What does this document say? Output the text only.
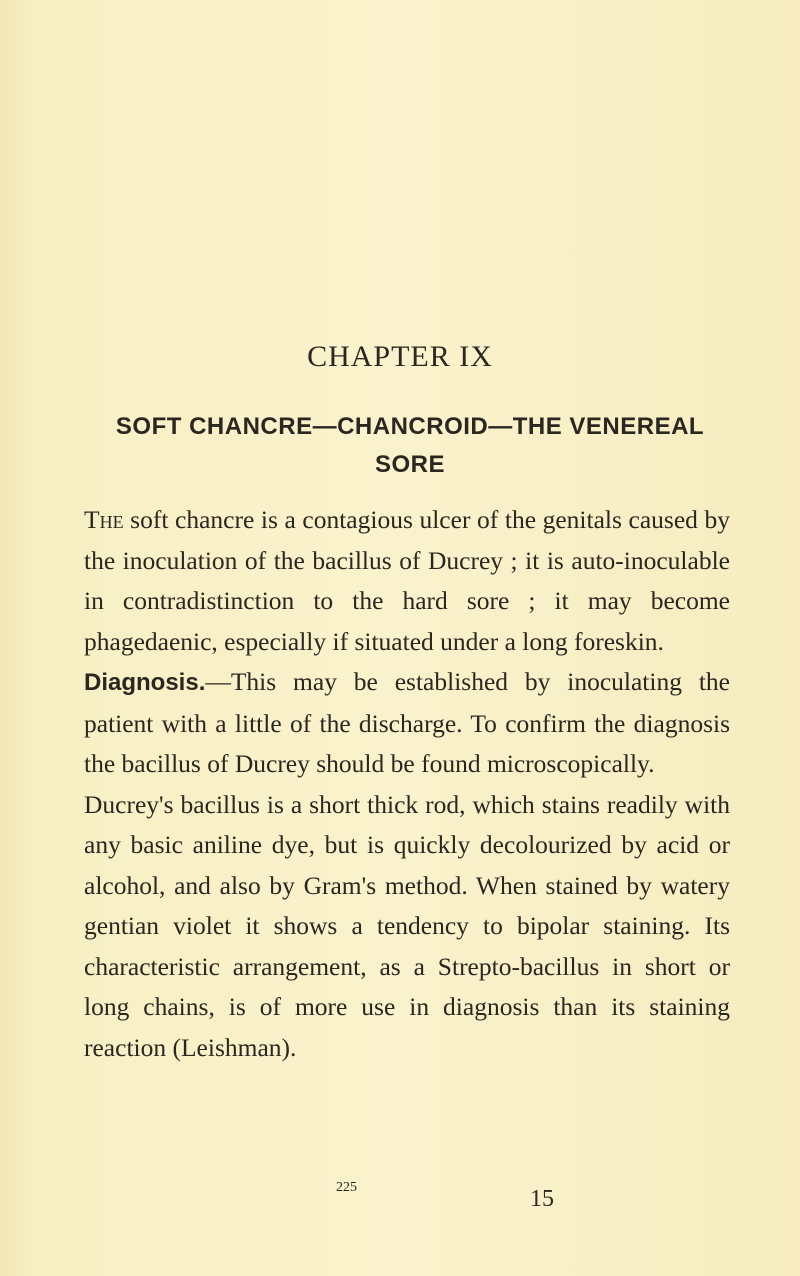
CHAPTER IX
SOFT CHANCRE—CHANCROID—THE VENEREAL SORE

The soft chancre is a contagious ulcer of the genitals caused by the inoculation of the bacillus of Ducrey ; it is auto-inoculable in contradistinction to the hard sore ; it may become phagedaenic, especially if situated under a long foreskin.

Diagnosis.—This may be established by inoculating the patient with a little of the discharge. To confirm the diagnosis the bacillus of Ducrey should be found microscopically.

Ducrey's bacillus is a short thick rod, which stains readily with any basic aniline dye, but is quickly decolourized by acid or alcohol, and also by Gram's method. When stained by watery gentian violet it shows a tendency to bipolar staining. Its characteristic arrangement, as a Strepto-bacillus in short or long chains, is of more use in diagnosis than its staining reaction (Leishman).

225	15
